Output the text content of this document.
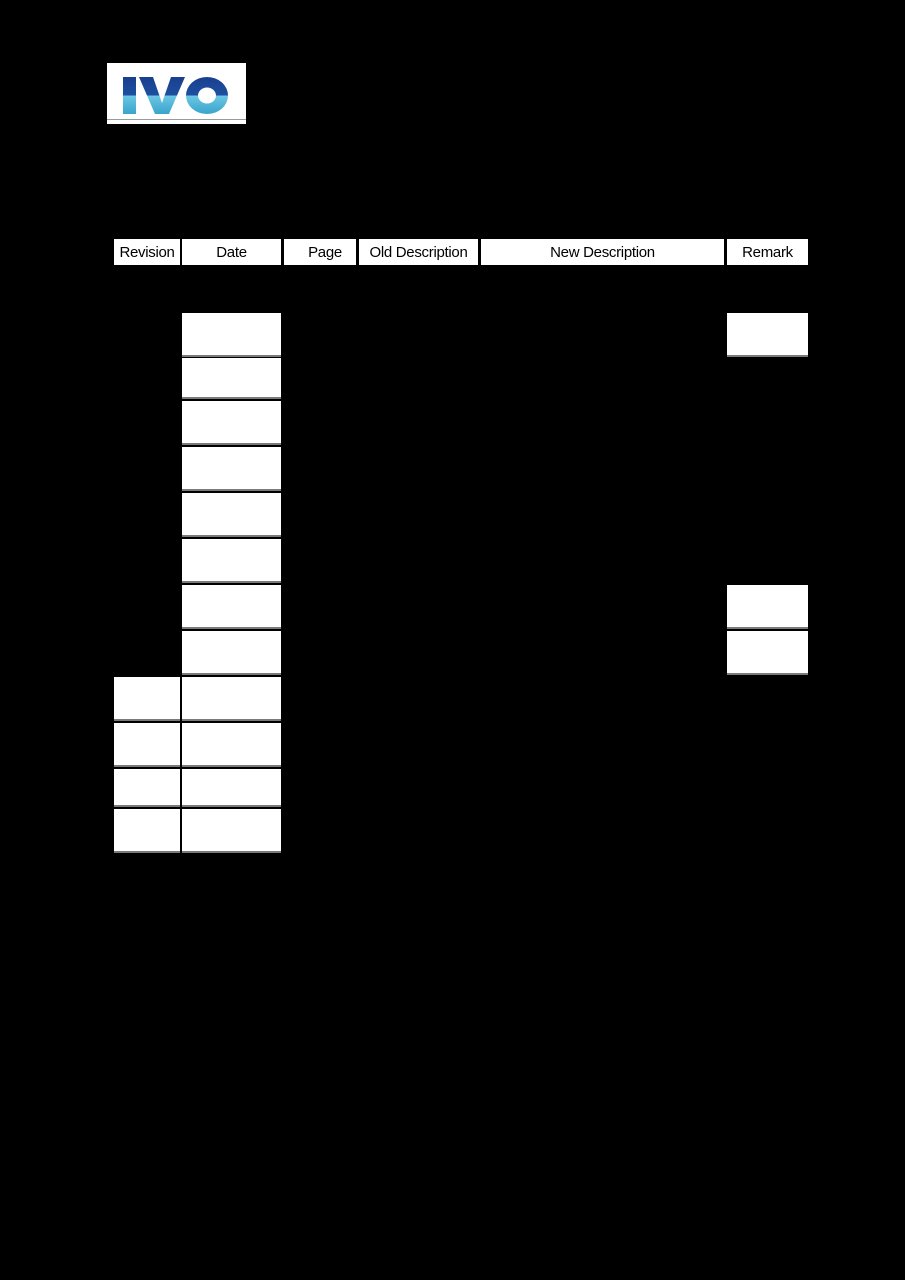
Revision	Date	Page	Old Description	New Description	Remark
